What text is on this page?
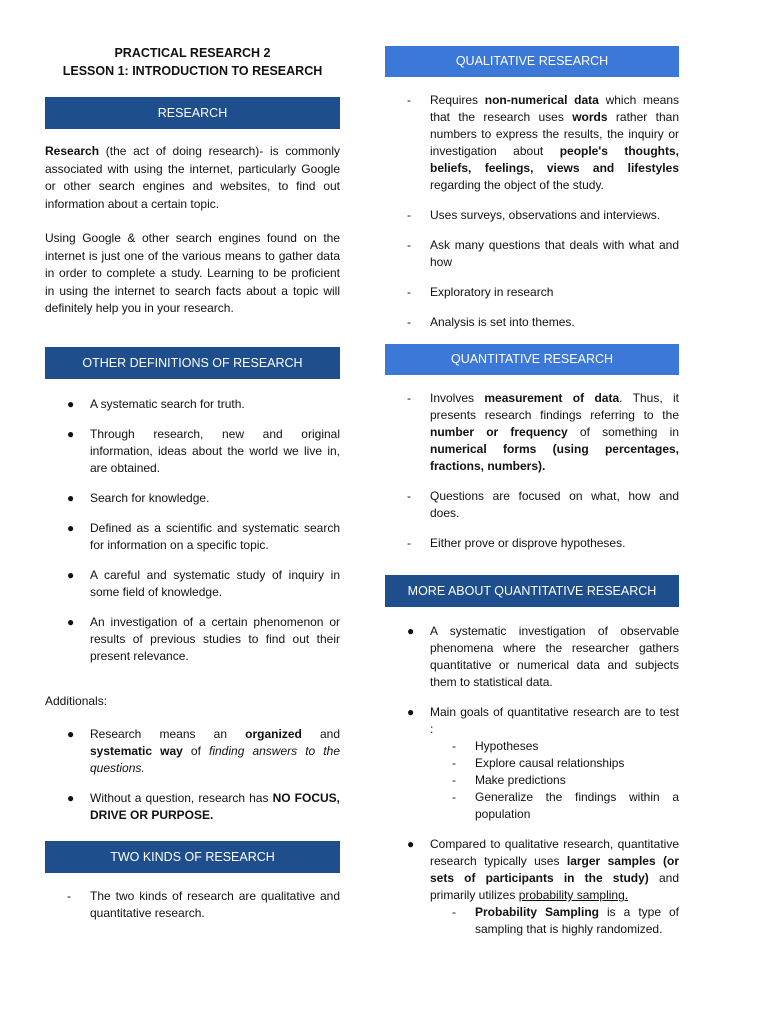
PRACTICAL RESEARCH 2
LESSON 1: INTRODUCTION TO RESEARCH
RESEARCH
Research (the act of doing research)- is commonly associated with using the internet, particularly Google or other search engines and websites, to find out information about a certain topic.
Using Google & other search engines found on the internet is just one of the various means to gather data in order to complete a study. Learning to be proficient in using the internet to search facts about a topic will definitely help you in your research.
OTHER DEFINITIONS OF RESEARCH
● A systematic search for truth.
● Through research, new and original information, ideas about the world we live in, are obtained.
● Search for knowledge.
● Defined as a scientific and systematic search for information on a specific topic.
● A careful and systematic study of inquiry in some field of knowledge.
● An investigation of a certain phenomenon or results of previous studies to find out their present relevance.
Additionals:
● Research means an organized and systematic way of finding answers to the questions.
● Without a question, research has NO FOCUS, DRIVE OR PURPOSE.
TWO KINDS OF RESEARCH
- The two kinds of research are qualitative and quantitative research.
QUALITATIVE RESEARCH
- Requires non-numerical data which means that the research uses words rather than numbers to express the results, the inquiry or investigation about people's thoughts, beliefs, feelings, views and lifestyles regarding the object of the study.
- Uses surveys, observations and interviews.
- Ask many questions that deals with what and how
- Exploratory in research
- Analysis is set into themes.
QUANTITATIVE RESEARCH
- Involves measurement of data. Thus, it presents research findings referring to the number or frequency of something in numerical forms (using percentages, fractions, numbers).
- Questions are focused on what, how and does.
- Either prove or disprove hypotheses.
MORE ABOUT QUANTITATIVE RESEARCH
● A systematic investigation of observable phenomena where the researcher gathers quantitative or numerical data and subjects them to statistical data.
● Main goals of quantitative research are to test :
- Hypotheses
- Explore causal relationships
- Make predictions
- Generalize the findings within a population
● Compared to qualitative research, quantitative research typically uses larger samples (or sets of participants in the study) and primarily utilizes probability sampling.
- Probability Sampling is a type of sampling that is highly randomized.
